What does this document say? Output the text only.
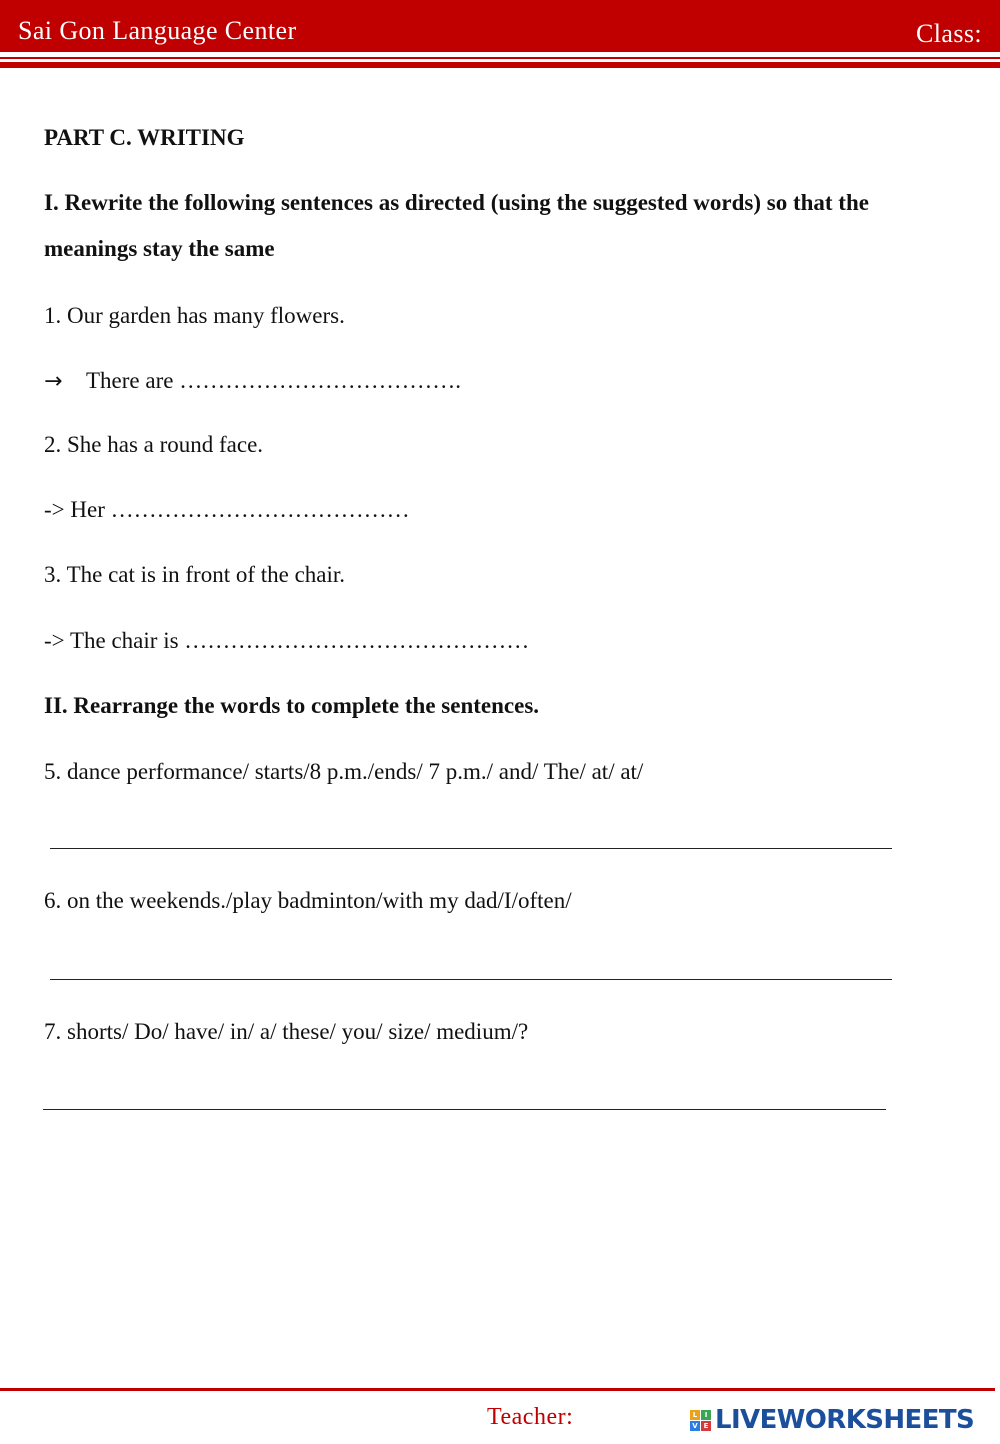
Sai Gon Language Center	Class:
PART C. WRITING
I. Rewrite the following sentences as directed (using the suggested words) so that the
meanings stay the same
1. Our garden has many flowers.
→ There are ……………………………….
2. She has a round face.
-> Her …………………………………
3. The cat is in front of the chair.
-> The chair is ………………………………………
II. Rearrange the words to complete the sentences.
5. dance performance/ starts/8 p.m./ends/ 7 p.m./ and/ The/ at/ at/
6. on the weekends./play badminton/with my dad/I/often/
7. shorts/ Do/ have/ in/ a/ these/ you/ size/ medium/?
Teacher:	L	I
V E LIVEWORKSHEETS
